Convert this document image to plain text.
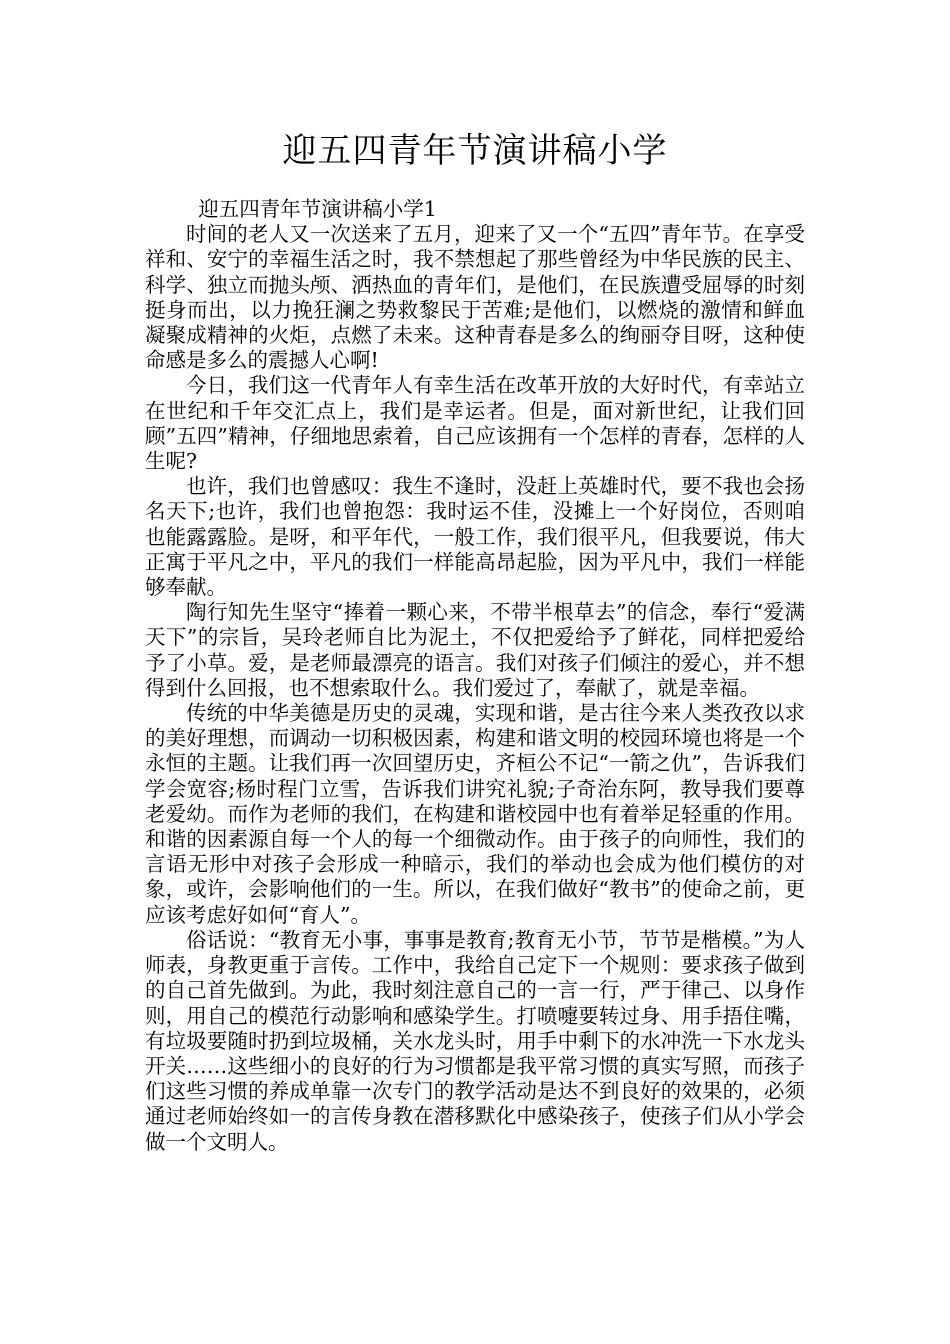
迎五四青年节演讲稿小学

迎五四青年节演讲稿小学1

时间的老人又一次送来了五月，迎来了又一个“五四”青年节。在享受祥和、安宁的幸福生活之时，我不禁想起了那些曾经为中华民族的民主、科学、独立而抛头颅、洒热血的青年们，是他们，在民族遭受屈辱的时刻挺身而出，以力挽狂澜之势救黎民于苦难;是他们，以燃烧的激情和鲜血凝聚成精神的火炬，点燃了未来。这种青春是多么的绚丽夺目呀，这种使命感是多么的震撼人心啊!

今日，我们这一代青年人有幸生活在改革开放的大好时代，有幸站立在世纪和千年交汇点上，我们是幸运者。但是，面对新世纪，让我们回顾”五四”精神，仔细地思索着，自己应该拥有一个怎样的青春，怎样的人生呢?

也许，我们也曾感叹：我生不逢时，没赶上英雄时代，要不我也会扬名天下;也许，我们也曾抱怨：我时运不佳，没摊上一个好岗位，否则咱也能露露脸。是呀，和平年代，一般工作，我们很平凡，但我要说，伟大正寓于平凡之中，平凡的我们一样能高昂起脸，因为平凡中，我们一样能够奉献。

陶行知先生坚守“捧着一颗心来，不带半根草去”的信念，奉行“爱满天下”的宗旨，吴玲老师自比为泥土，不仅把爱给予了鲜花，同样把爱给予了小草。爱，是老师最漂亮的语言。我们对孩子们倾注的爱心，并不想得到什么回报，也不想索取什么。我们爱过了，奉献了，就是幸福。

传统的中华美德是历史的灵魂，实现和谐，是古往今来人类孜孜以求的美好理想，而调动一切积极因素，构建和谐文明的校园环境也将是一个永恒的主题。让我们再一次回望历史，齐桓公不记“一箭之仇”，告诉我们学会宽容;杨时程门立雪，告诉我们讲究礼貌;子奇治东阿，教导我们要尊老爱幼。而作为老师的我们，在构建和谐校园中也有着举足轻重的作用。和谐的因素源自每一个人的每一个细微动作。由于孩子的向师性，我们的言语无形中对孩子会形成一种暗示，我们的举动也会成为他们模仿的对象，或许，会影响他们的一生。所以，在我们做好“教书”的使命之前，更应该考虑好如何“育人”。

俗话说：“教育无小事，事事是教育;教育无小节，节节是楷模。”为人师表，身教更重于言传。工作中，我给自己定下一个规则：要求孩子做到的自己首先做到。为此，我时刻注意自己的一言一行，严于律己、以身作则，用自己的模范行动影响和感染学生。打喷嚏要转过身、用手捂住嘴，有垃圾要随时扔到垃圾桶，关水龙头时，用手中剩下的水冲洗一下水龙头开关……这些细小的良好的行为习惯都是我平常习惯的真实写照，而孩子们这些习惯的养成单靠一次专门的教学活动是达不到良好的效果的，必须通过老师始终如一的言传身教在潜移默化中感染孩子，使孩子们从小学会做一个文明人。
